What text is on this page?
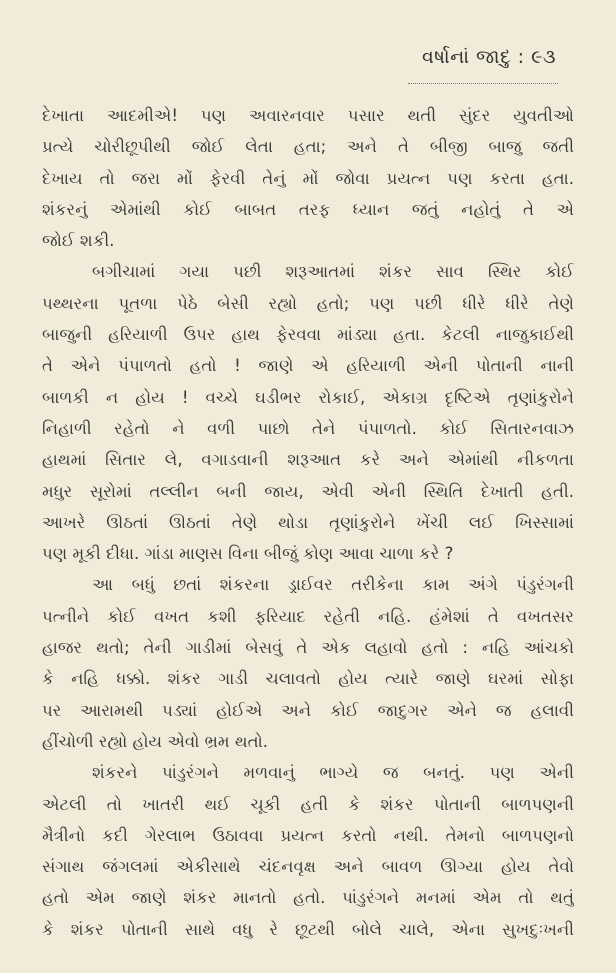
વર્ષાનાં જાદુ : ૯૩
દેખાતા આદમીએ! પણ અવારનવાર પસાર થતી સુંદર યુવતીઓ
પ્રત્યે ચોરીછૂપીથી જોઈ લેતા હતા; અને તે બીજી બાજુ જતી
દેખાય તો જરા મોં ફેરવી તેનું મોં જોવા પ્રયત્ન પણ કરતા હતા.
શંકરનું એમાંથી કોઈ બાબત તરફ ધ્યાન જતું નહોતું તે એ
જોઈ શકી.
બગીચામાં ગયા પછી શરૂઆતમાં શંકર સાવ સ્થિર કોઈ
પથ્થરના પૂતળા પેઠે બેસી રહ્યો હતો; પણ પછી ધીરે ધીરે તેણે
બાજુની હરિયાળી ઉપર હાથ ફેરવવા માંડ્યા હતા. કેટલી નાજુકાઈથી
તે એને પંપાળતો હતો ! જાણે એ હરિયાળી એની પોતાની નાની
બાળકી ન હોય ! વચ્ચે ઘડીભર રોકાઈ, એકાગ્ર દૃષ્ટિએ તૃણાંકુરોને
નિહાળી રહેતો ને વળી પાછો તેને પંપાળતો. કોઈ સિતારનવાઝ
હાથમાં સિતાર લે, વગાડવાની શરૂઆત કરે અને એમાંથી નીકળતા
મધુર સૂરોમાં તલ્લીન બની જાય, એવી એની સ્થિતિ દેખાતી હતી.
આખરે ઊઠતાં ઊઠતાં તેણે થોડા તૃણાંકુરોને ખેંચી લઈ ખિસ્સામાં
પણ મૂકી દીધા. ગાંડા માણસ વિના બીજું કોણ આવા ચાળા કરે ?
આ બધું છતાં શંકરના ડ્રાઈવર તરીકેના કામ અંગે પંડુરંગની
પત્નીને કોઈ વખત કશી ફરિયાદ રહેતી નહિ. હંમેશાં તે વખતસર
હાજર થતો; તેની ગાડીમાં બેસવું તે એક લહાવો હતો : નહિ આંચકો
કે નહિ ધક્કો. શંકર ગાડી ચલાવતો હોય ત્યારે જાણે ઘરમાં સોફા
પર આરામથી પડ્યાં હોઈએ અને કોઈ જાદુગર એને જ હલાવી
હીંચોળી રહ્યો હોય એવો ભ્રમ થતો.
શંકરને પાંડુરંગને મળવાનું ભાગ્યે જ બનતું. પણ એની
એટલી તો ખાતરી થઈ ચૂકી હતી કે શંકર પોતાની બાળપણની
મૈત્રીનો કદી ગેરલાભ ઉઠાવવા પ્રયત્ન કરતો નથી. તેમનો બાળપણનો
સંગાથ જંગલમાં એકીસાથે ચંદનવૃક્ષ અને બાવળ ઊગ્યા હોય તેવો
હતો એમ જાણે શંકર માનતો હતો. પાંડુરંગને મનમાં એમ તો થતું
કે શંકર પોતાની સાથે વધુ રે છૂટથી બોલે ચાલે, એના સુખદુઃખની
